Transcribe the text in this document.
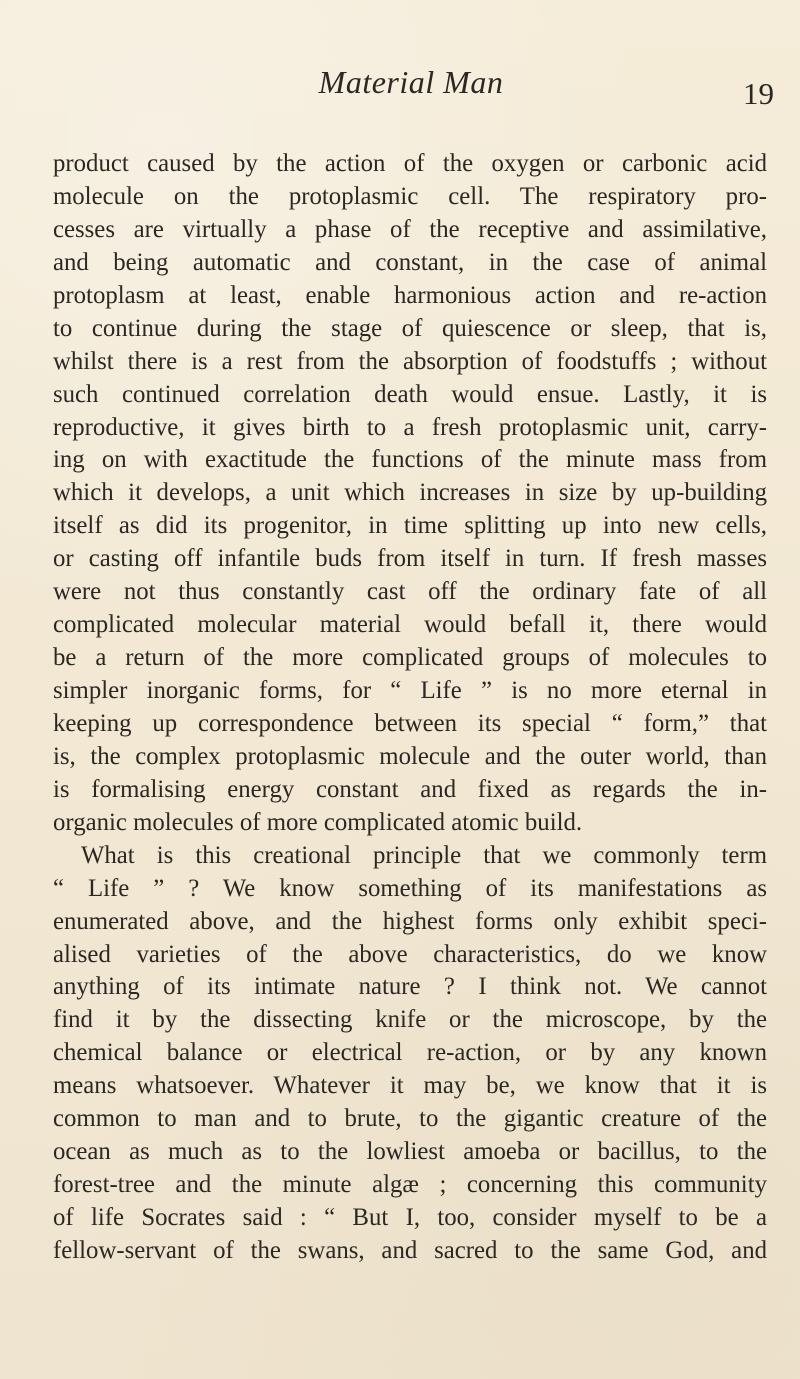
Material Man	19
product caused by the action of the oxygen or carbonic acid
molecule on the protoplasmic cell. The respiratory pro-
cesses are virtually a phase of the receptive and assimilative,
and being automatic and constant, in the case of animal
protoplasm at least, enable harmonious action and re-action
to continue during the stage of quiescence or sleep, that is,
whilst there is a rest from the absorption of foodstuffs ; without
such continued correlation death would ensue. Lastly, it is
reproductive, it gives birth to a fresh protoplasmic unit, carry-
ing on with exactitude the functions of the minute mass from
which it develops, a unit which increases in size by up-building
itself as did its progenitor, in time splitting up into new cells,
or casting off infantile buds from itself in turn. If fresh masses
were not thus constantly cast off the ordinary fate of all
complicated molecular material would befall it, there would
be a return of the more complicated groups of molecules to
simpler inorganic forms, for “ Life ” is no more eternal in
keeping up correspondence between its special “ form,” that
is, the complex protoplasmic molecule and the outer world, than
is formalising energy constant and fixed as regards the in-
organic molecules of more complicated atomic build.
What is this creational principle that we commonly term
“ Life ” ? We know something of its manifestations as
enumerated above, and the highest forms only exhibit speci-
alised varieties of the above characteristics, do we know
anything of its intimate nature ? I think not. We cannot
find it by the dissecting knife or the microscope, by the
chemical balance or electrical re-action, or by any known
means whatsoever. Whatever it may be, we know that it is
common to man and to brute, to the gigantic creature of the
ocean as much as to the lowliest amoeba or bacillus, to the
forest-tree and the minute algæ ; concerning this community
of life Socrates said : “ But I, too, consider myself to be a
fellow-servant of the swans, and sacred to the same God, and
